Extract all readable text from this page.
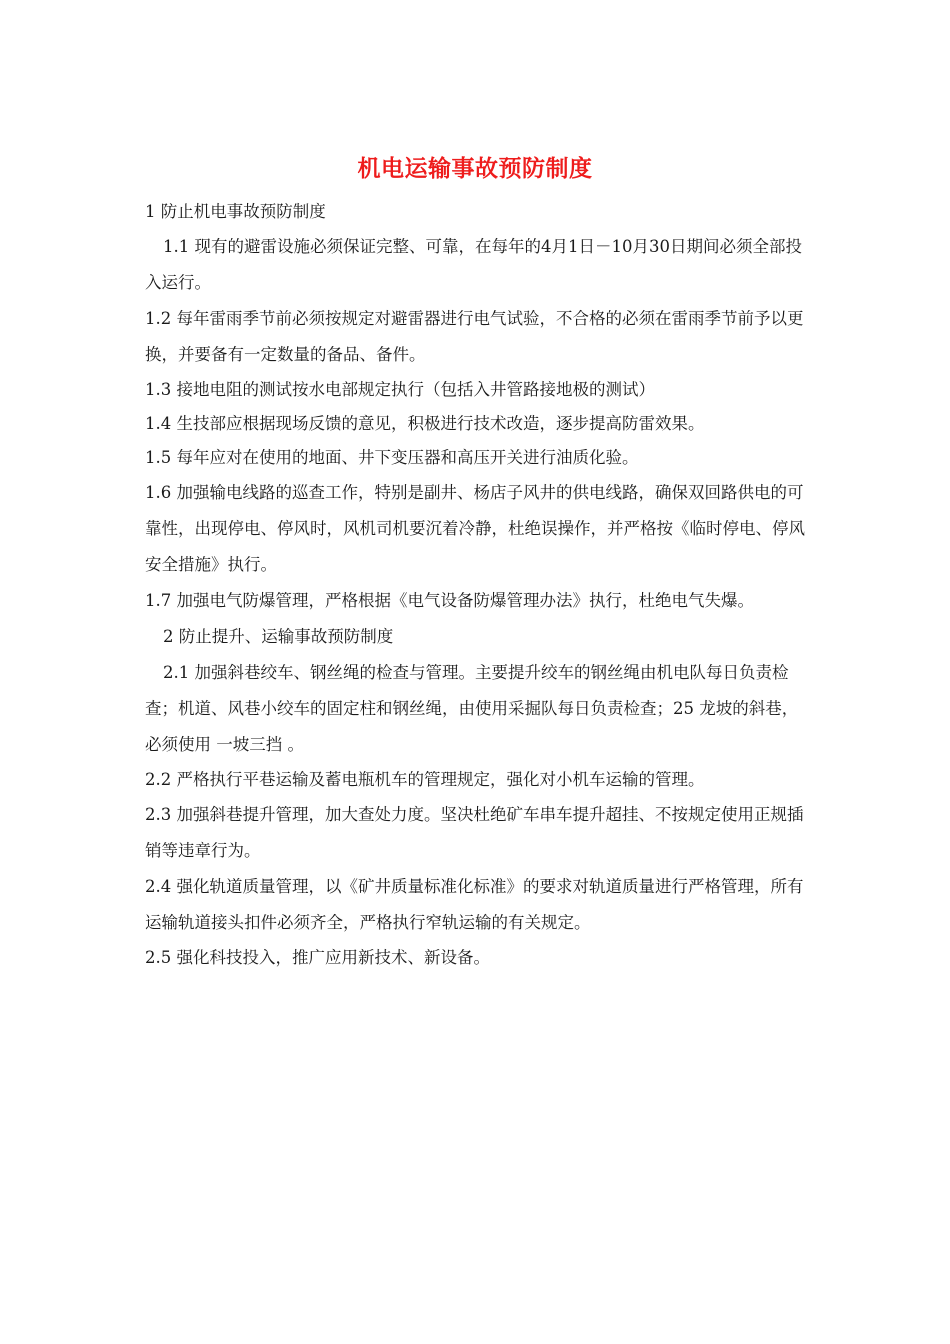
机电运输事故预防制度

1 防止机电事故预防制度

1.1 现有的避雷设施必须保证完整、可靠，在每年的4月1日－10月30日期间必须全部投入运行。

1.2 每年雷雨季节前必须按规定对避雷器进行电气试验，不合格的必须在雷雨季节前予以更换，并要备有一定数量的备品、备件。

1.3 接地电阻的测试按水电部规定执行（包括入井管路接地极的测试）

1.4 生技部应根据现场反馈的意见，积极进行技术改造，逐步提高防雷效果。

1.5 每年应对在使用的地面、井下变压器和高压开关进行油质化验。

1.6 加强输电线路的巡查工作，特别是副井、杨店子风井的供电线路，确保双回路供电的可靠性，出现停电、停风时，风机司机要沉着冷静，杜绝误操作，并严格按《临时停电、停风安全措施》执行。

1.7 加强电气防爆管理，严格根据《电气设备防爆管理办法》执行，杜绝电气失爆。

2 防止提升、运输事故预防制度

2.1 加强斜巷绞车、钢丝绳的检查与管理。主要提升绞车的钢丝绳由机电队每日负责检查；机道、风巷小绞车的固定柱和钢丝绳，由使用采掘队每日负责检查；25 龙坡的斜巷，必须使用 一坡三挡 。

2.2 严格执行平巷运输及蓄电瓶机车的管理规定，强化对小机车运输的管理。

2.3 加强斜巷提升管理，加大查处力度。坚决杜绝矿车串车提升超挂、不按规定使用正规插销等违章行为。

2.4 强化轨道质量管理，以《矿井质量标准化标准》的要求对轨道质量进行严格管理，所有运输轨道接头扣件必须齐全，严格执行窄轨运输的有关规定。

2.5 强化科技投入，推广应用新技术、新设备。
